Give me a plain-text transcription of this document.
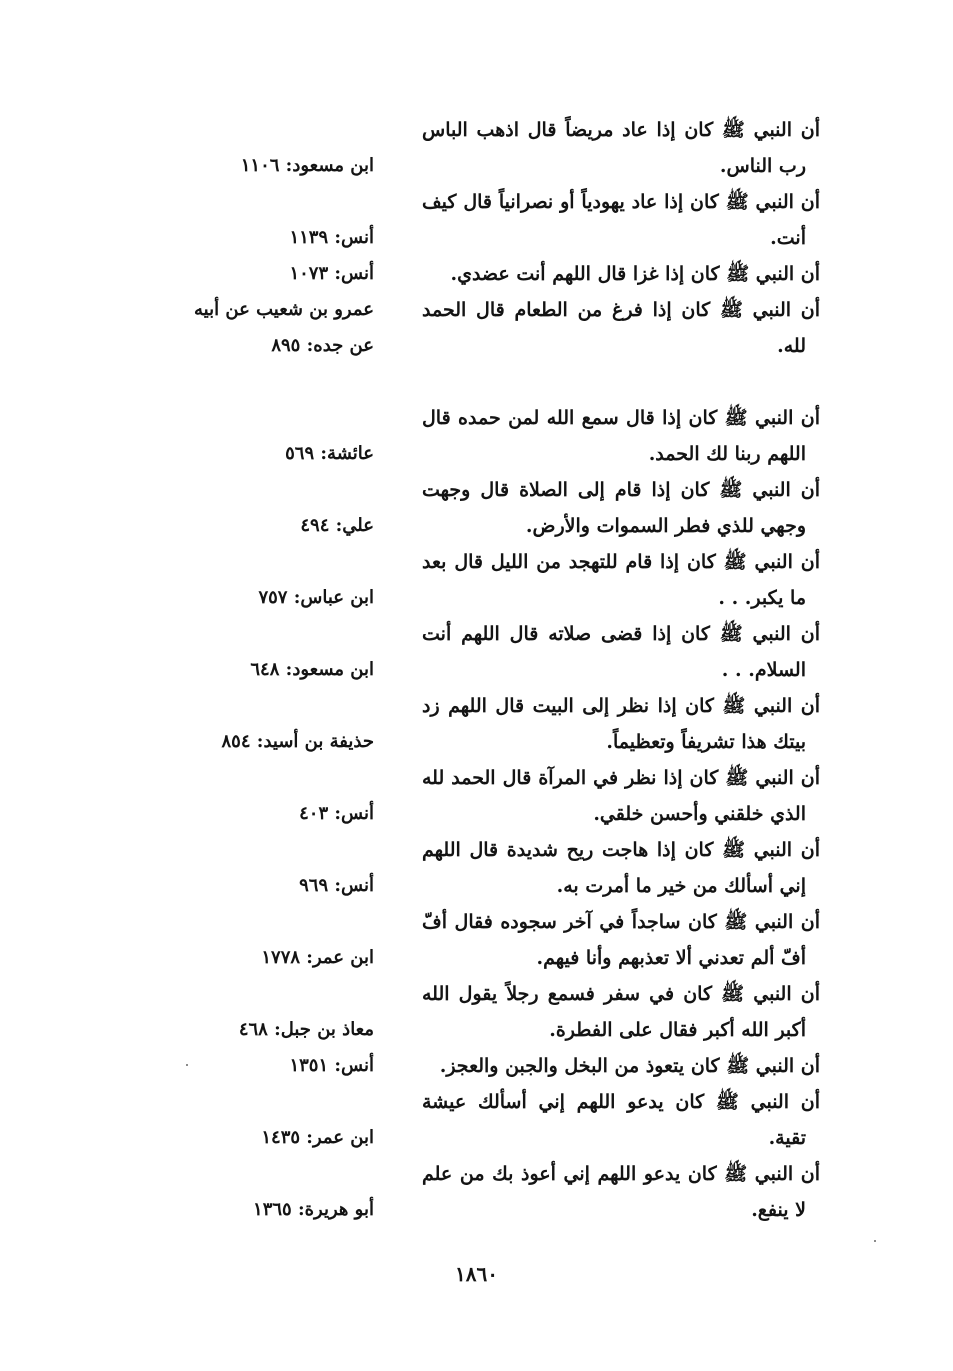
أن النبي ﷺ كان إذا عاد مريضاً قال اذهب الباس رب الناس.
ابن مسعود: ١١٠٦
أن النبي ﷺ كان إذا عاد يهودياً أو نصرانياً قال كيف أنت.
أنس: ١١٣٩
أن النبي ﷺ كان إذا غزا قال اللهم أنت عضدي.
أنس: ١٠٧٣
أن النبي ﷺ كان إذا فرغ من الطعام قال الحمد لله.
عمرو بن شعيب عن أبيه
عن جده: ٨٩٥
أن النبي ﷺ كان إذا قال سمع الله لمن حمده قال اللهم ربنا لك الحمد.
عائشة: ٥٦٩
أن النبي ﷺ كان إذا قام إلى الصلاة قال وجهت وجهي للذي فطر السموات والأرض.
علي: ٤٩٤
أن النبي ﷺ كان إذا قام للتهجد من الليل قال بعد ما يكبر. . .
ابن عباس: ٧٥٧
أن النبي ﷺ كان إذا قضى صلاته قال اللهم أنت السلام. . .
ابن مسعود: ٦٤٨
أن النبي ﷺ كان إذا نظر إلى البيت قال اللهم زد بيتك هذا تشريفاً وتعظيماً.
حذيفة بن أسيد: ٨٥٤
أن النبي ﷺ كان إذا نظر في المرآة قال الحمد لله الذي خلقني وأحسن خلقي.
أنس: ٤٠٣
أن النبي ﷺ كان إذا هاجت ريح شديدة قال اللهم إني أسألك من خير ما أمرت به.
أنس: ٩٦٩
أن النبي ﷺ كان ساجداً في آخر سجوده فقال أفّ أفّ ألم تعدني ألا تعذبهم وأنا فيهم.
ابن عمر: ١٧٧٨
أن النبي ﷺ كان في سفر فسمع رجلاً يقول الله أكبر الله أكبر فقال على الفطرة.
معاذ بن جبل: ٤٦٨
أن النبي ﷺ كان يتعوذ من البخل والجبن والعجز.
أنس: ١٣٥١
أن النبي ﷺ كان يدعو اللهم إني أسألك عيشة تقية.
ابن عمر: ١٤٣٥
أن النبي ﷺ كان يدعو اللهم إني أعوذ بك من علم لا ينفع.
أبو هريرة: ١٣٦٥
١٨٦٠
